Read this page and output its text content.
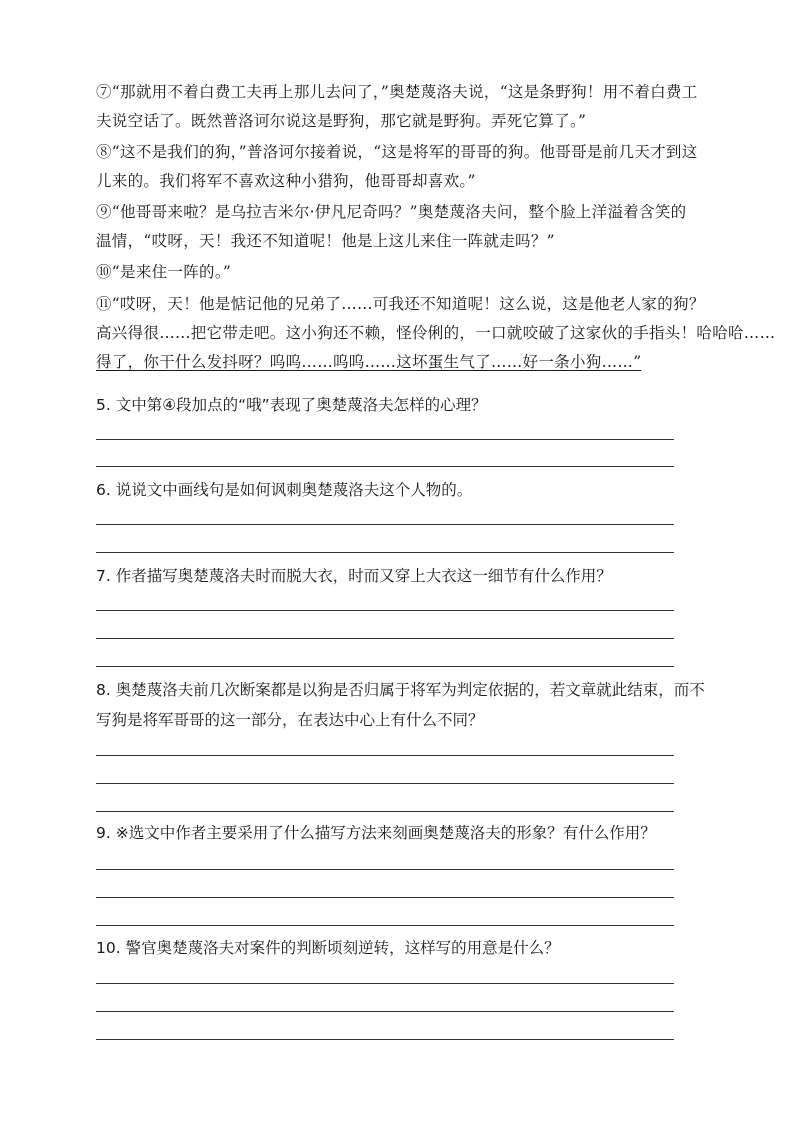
⑦“那就用不着白费工夫再上那儿去问了，”奥楚蔑洛夫说，“这是条野狗！用不着白费工
夫说空话了。既然普洛诃尔说这是野狗，那它就是野狗。弄死它算了。”
⑧“这不是我们的狗，”普洛诃尔接着说，“这是将军的哥哥的狗。他哥哥是前几天才到这
儿来的。我们将军不喜欢这种小猎狗，他哥哥却喜欢。”
⑨“他哥哥来啦？是乌拉吉米尔·伊凡尼奇吗？”奥楚蔑洛夫问，整个脸上洋溢着含笑的
温情，“哎呀，天！我还不知道呢！他是上这儿来住一阵就走吗？”
⑩“是来住一阵的。”
⑪“哎呀，天！他是惦记他的兄弟了……可我还不知道呢！这么说，这是他老人家的狗？
高兴得很……把它带走吧。这小狗还不赖，怪伶俐的，一口就咬破了这家伙的手指头！哈哈哈……
得了，你干什么发抖呀？呜呜……呜呜……这坏蛋生气了……好一条小狗……”
5. 文中第④段加点的“哦”表现了奥楚蔑洛夫怎样的心理？
6. 说说文中画线句是如何讽刺奥楚蔑洛夫这个人物的。
7. 作者描写奥楚蔑洛夫时而脱大衣，时而又穿上大衣这一细节有什么作用？
8. 奥楚蔑洛夫前几次断案都是以狗是否归属于将军为判定依据的，若文章就此结束，而不
写狗是将军哥哥的这一部分，在表达中心上有什么不同？
9. ※选文中作者主要采用了什么描写方法来刻画奥楚蔑洛夫的形象？有什么作用？
10. 警官奥楚蔑洛夫对案件的判断顷刻逆转，这样写的用意是什么？
